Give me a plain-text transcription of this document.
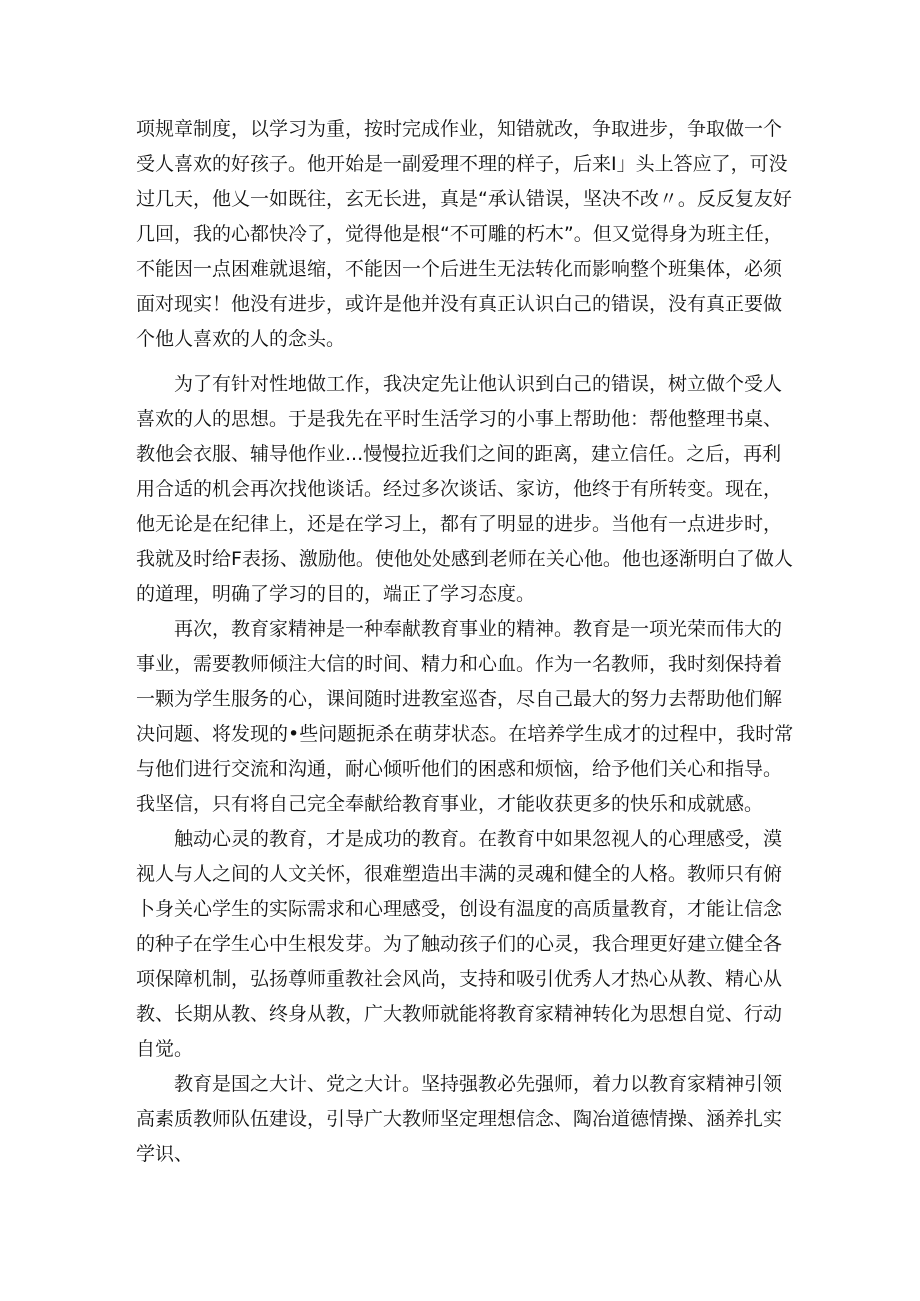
项规章制度，以学习为重，按时完成作业，知错就改，争取进步，争取做一个受人喜欢的好孩子。他开始是一副爱理不理的样子，后来Ⅰ」头上答应了，可没过几天，他乂一如既往，玄无长进，真是“承认错误，坚决不改〃。反反复友好几回，我的心都快冷了，觉得他是根“不可雕的朽木”。但又觉得身为班主任，不能因一点困难就退缩，不能因一个后进生无法转化而影响整个班集体，必须面对现实！他没有进步，或许是他并没有真正认识白己的错误，没有真正要做个他人喜欢的人的念头。

为了有针对性地做工作，我决定先让他认识到白己的错误，树立做个受人喜欢的人的思想。于是我先在平时生活学习的小事上帮助他：帮他整理书桌、教他会衣服、辅导他作业...慢慢拉近我们之间的距离，建立信任。之后，再利用合适的机会再次找他谈话。经过多次谈话、家访，他终于有所转变。现在，他无论是在纪律上，还是在学习上，都有了明显的进步。当他有一点进步时，我就及时给F表扬、激励他。使他处处感到老师在关心他。他也逐渐明白了做人的道理，明确了学习的目的，端正了学习态度。

再次，教育家精神是一种奉献教育事业的精神。教育是一项光荣而伟大的事业，需要教师倾注大信的时间、精力和心血。作为一名教师，我时刻保持着一颗为学生服务的心，课间随时进教室巡杳，尽自己最大的努力去帮助他们解决问题、将发现的•些问题扼杀在萌芽状态。在培养学生成才的过程中，我时常与他们进行交流和沟通，耐心倾听他们的困惑和烦恼，给予他们关心和指导。我坚信，只有将自己完全奉献给教育事业，才能收获更多的快乐和成就感。

触动心灵的教育，才是成功的教育。在教育中如果忽视人的心理感受，漠视人与人之间的人文关怀，很难塑造出丰满的灵魂和健全的人格。教师只有俯卜身关心学生的实际需求和心理感受，创设有温度的高质量教育，才能让信念的种子在学生心中生根发芽。为了触动孩子们的心灵，我合理更好建立健全各项保障机制，弘扬尊师重教社会风尚，支持和吸引优秀人才热心从教、精心从教、长期从教、终身从教，广大教师就能将教育家精神转化为思想自觉、行动自觉。

教育是国之大计、党之大计。坚持强教必先强师，着力以教育家精神引领高素质教师队伍建设，引导广大教师坚定理想信念、陶冶道德情操、涵养扎实学识、
